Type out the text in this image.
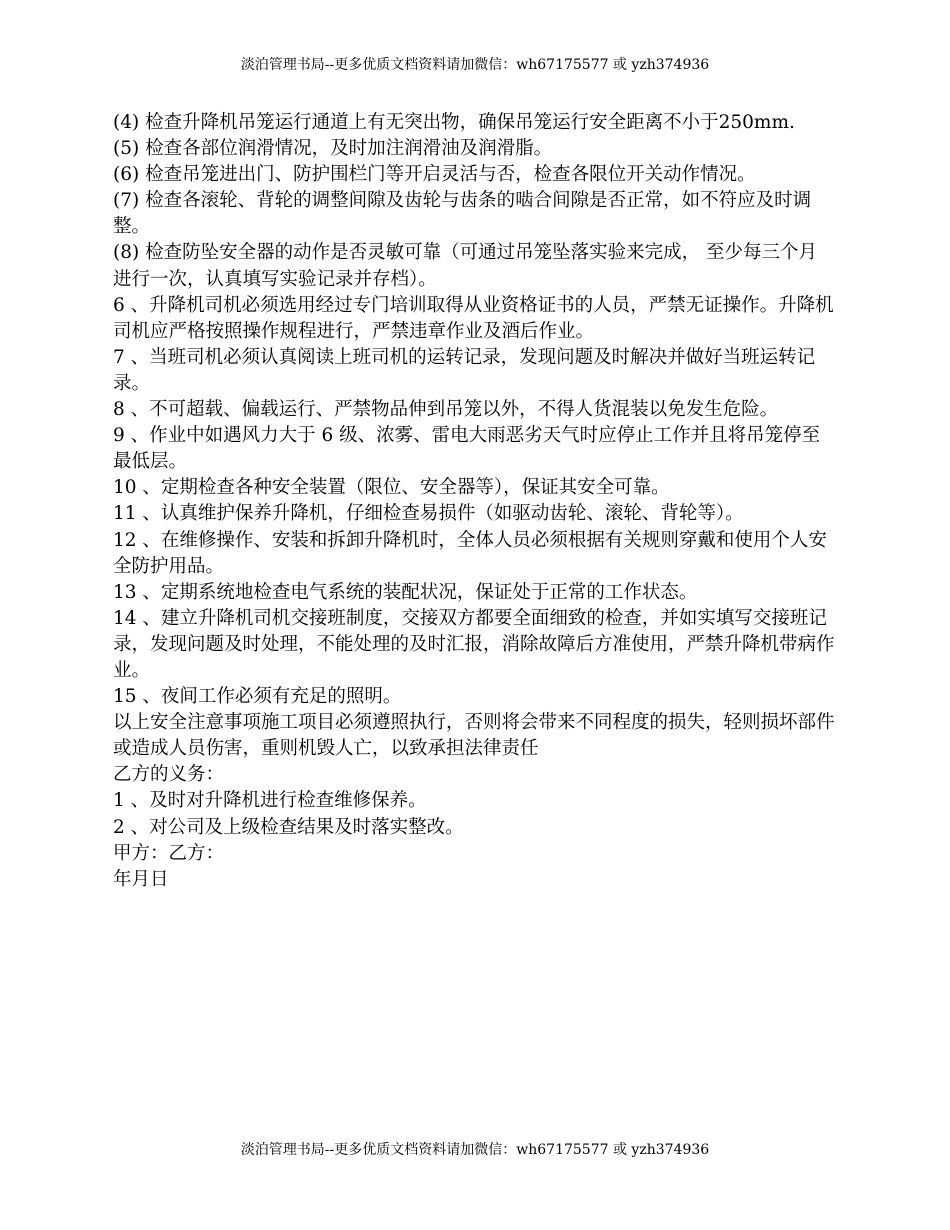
淡泊管理书局--更多优质文档资料请加微信：wh67175577 或 yzh374936

(4) 检查升降机吊笼运行通道上有无突出物，确保吊笼运行安全距离不小于250mm.

(5) 检查各部位润滑情况，及时加注润滑油及润滑脂。

(6) 检查吊笼进出门、防护围栏门等开启灵活与否，检查各限位开关动作情况。

(7) 检查各滚轮、背轮的调整间隙及齿轮与齿条的啮合间隙是否正常，如不符应及时调整。

(8) 检查防坠安全器的动作是否灵敏可靠（可通过吊笼坠落实验来完成， 至少每三个月进行一次，认真填写实验记录并存档）。

6 、升降机司机必须选用经过专门培训取得从业资格证书的人员，严禁无证操作。升降机司机应严格按照操作规程进行，严禁违章作业及酒后作业。

7 、当班司机必须认真阅读上班司机的运转记录，发现问题及时解决并做好当班运转记录。

8 、不可超载、偏载运行、严禁物品伸到吊笼以外，不得人货混装以免发生危险。

9 、作业中如遇风力大于 6 级、浓雾、雷电大雨恶劣天气时应停止工作并且将吊笼停至最低层。

10 、定期检查各种安全装置（限位、安全器等），保证其安全可靠。

11 、认真维护保养升降机，仔细检查易损件（如驱动齿轮、滚轮、背轮等）。

12 、在维修操作、安装和拆卸升降机时，全体人员必须根据有关规则穿戴和使用个人安全防护用品。

13 、定期系统地检查电气系统的装配状况，保证处于正常的工作状态。

14 、建立升降机司机交接班制度，交接双方都要全面细致的检查，并如实填写交接班记录，发现问题及时处理，不能处理的及时汇报，消除故障后方准使用，严禁升降机带病作业。

15 、夜间工作必须有充足的照明。

以上安全注意事项施工项目必须遵照执行，否则将会带来不同程度的损失，轻则损坏部件或造成人员伤害，重则机毁人亡，以致承担法律责任

乙方的义务：

1 、及时对升降机进行检查维修保养。

2 、对公司及上级检查结果及时落实整改。

甲方：乙方：

年月日

淡泊管理书局--更多优质文档资料请加微信：wh67175577 或 yzh374936
